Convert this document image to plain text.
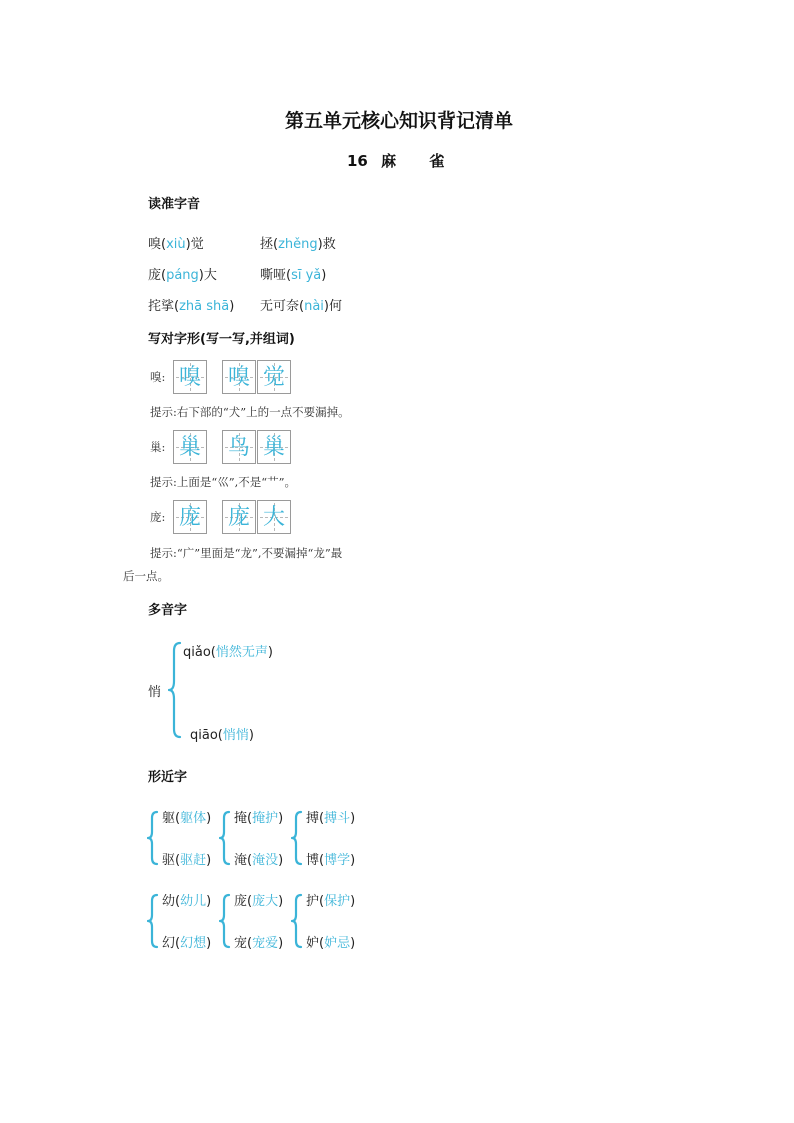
第五单元核心知识背记清单
16 麻 雀
读准字音
嗅(xiù)觉	拯(zhěng)救
庞(páng)大	嘶哑(sī yǎ)
挓挲(zhā shā) 无可奈(nài)何
写对字形(写一写,并组词)
嗅: 嗅 嗅 觉
提示:右下部的“犬”上的一点不要漏掉。
巢: 巢 鸟 巢
提示:上面是“巛”,不是“艹”。
庞: 庞 庞 大
提示:“广”里面是“龙”,不要漏掉“龙”最
后一点。
多音字
悄
qiǎo(悄然无声)
qiāo(悄悄)
形近字
躯(躯体)
驱(驱赶)
掩(掩护)
淹(淹没)
搏(搏斗)
博(博学)
幼(幼儿)
幻(幻想)
庞(庞大)
宠(宠爱)
护(保护)
妒(妒忌)
